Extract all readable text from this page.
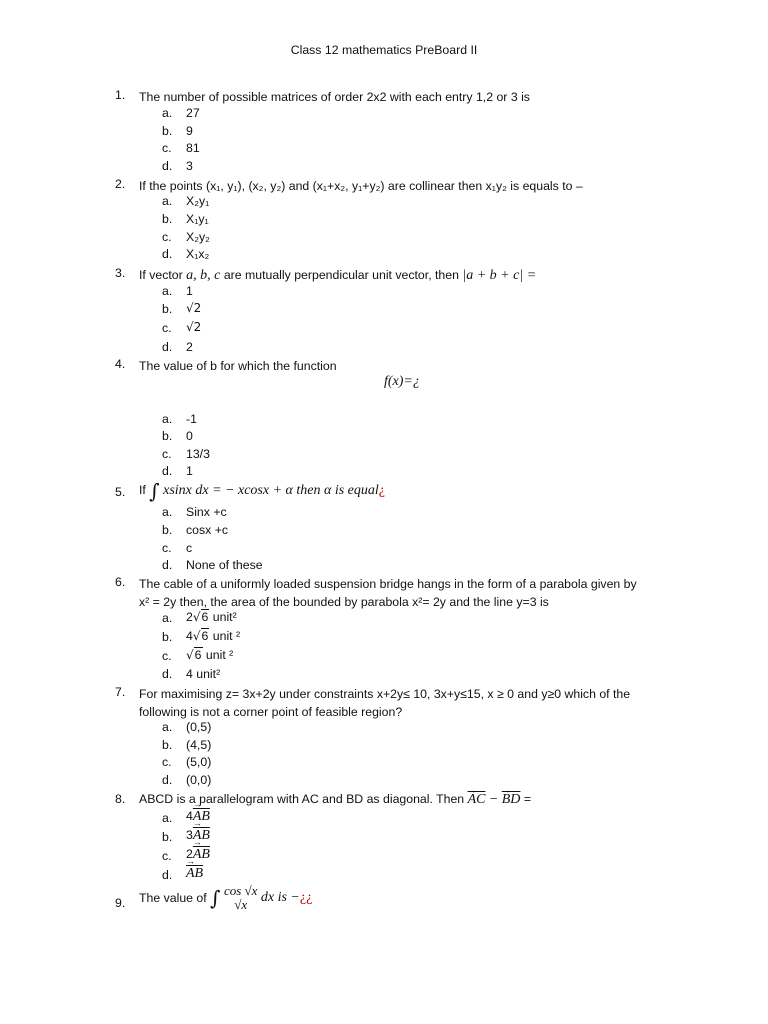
Class 12 mathematics PreBoard II
1.	The number of possible matrices of order 2x2 with each entry 1,2 or 3 is
a.	27
b.	9
c.	81
d.	3
2.	If the points (x₁, y₁), (x₂, y₂) and (x₁+x₂, y₁+y₂) are collinear then x₁y₂ is equals to –
a.	X₂y₁
b.	X₁y₁
c.	X₂y₂
d.	X₁x₂
3.	If vector a, b, c are mutually perpendicular unit vector, then |a + b + c| =
a.	1
b.	√2
c.	√2
d.	2
4.	The value of b for which the function
f(x)=¿
a.	-1
b.	0
c.	13/3
d.	1
5.	If ∫ xsinx dx = − xcosx + α then α is equal¿
a.	Sinx +c
b.	cosx +c
c.	c
d.	None of these
6.	The cable of a uniformly loaded suspension bridge hangs in the form of a parabola given by
x² = 2y then, the area of the bounded by parabola x²= 2y and the line y=3 is
a.	2√6 unit²
b.	4√6 unit ²
c.	√6 unit ²
d.	4 unit²
7.	For maximising z= 3x+2y under constraints x+2y≤ 10, 3x+y≤15, x ≥ 0 and y≥0 which of the
following is not a corner point of feasible region?
a.	(0,5)
b.	(4,5)
c.	(5,0)
d.	(0,0)
8.	ABCD is a parallelogram with AC and BD as diagonal. Then → $\overline{AC}$ − → $\overline{BD}$ =
a.	$4\to \overline{AB}$
b.	$3\to \overline{AB}$
c.	$2\to \overline{AB}$
d. → $\overline{AB}$
9.	The value of ∫ cos √x
√x dx is −¿¿
